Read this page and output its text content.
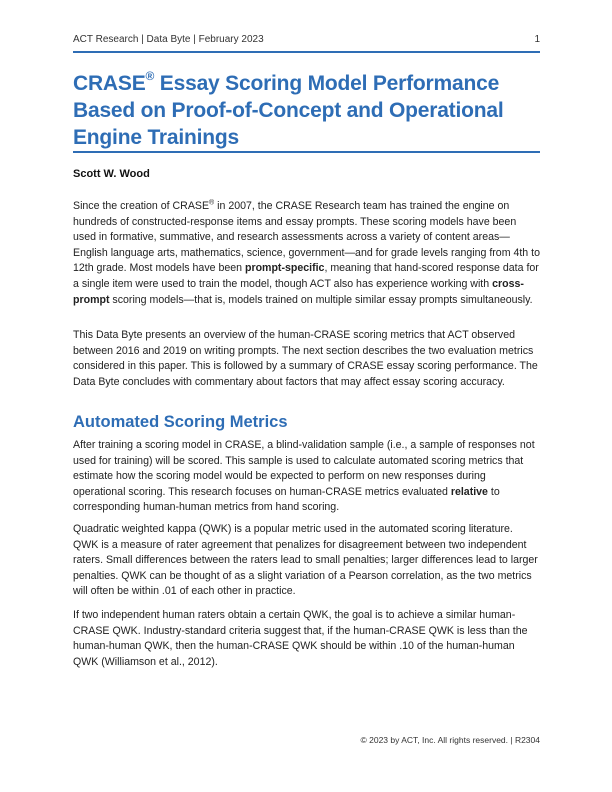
ACT Research | Data Byte | February 2023	1
CRASE® Essay Scoring Model Performance Based on Proof-of-Concept and Operational Engine Trainings
Scott W. Wood

Since the creation of CRASE® in 2007, the CRASE Research team has trained the engine on hundreds of constructed-response items and essay prompts. These scoring models have been used in formative, summative, and research assessments across a variety of content areas—English language arts, mathematics, science, government—and for grade levels ranging from 4th to 12th grade. Most models have been prompt-specific, meaning that hand-scored response data for a single item were used to train the model, though ACT also has experience working with cross-prompt scoring models—that is, models trained on multiple similar essay prompts simultaneously.

This Data Byte presents an overview of the human-CRASE scoring metrics that ACT observed between 2016 and 2019 on writing prompts. The next section describes the two evaluation metrics considered in this paper. This is followed by a summary of CRASE essay scoring performance. The Data Byte concludes with commentary about factors that may affect essay scoring accuracy.

Automated Scoring Metrics

After training a scoring model in CRASE, a blind-validation sample (i.e., a sample of responses not used for training) will be scored. This sample is used to calculate automated scoring metrics that estimate how the scoring model would be expected to perform on new responses during operational scoring. This research focuses on human-CRASE metrics evaluated relative to corresponding human-human metrics from hand scoring.

Quadratic weighted kappa (QWK) is a popular metric used in the automated scoring literature. QWK is a measure of rater agreement that penalizes for disagreement between two independent raters. Small differences between the raters lead to small penalties; larger differences lead to larger penalties. QWK can be thought of as a slight variation of a Pearson correlation, as the two metrics will often be within .01 of each other in practice.

If two independent human raters obtain a certain QWK, the goal is to achieve a similar human-CRASE QWK. Industry-standard criteria suggest that, if the human-CRASE QWK is less than the human-human QWK, then the human-CRASE QWK should be within .10 of the human-human QWK (Williamson et al., 2012).

© 2023 by ACT, Inc. All rights reserved. | R2304
